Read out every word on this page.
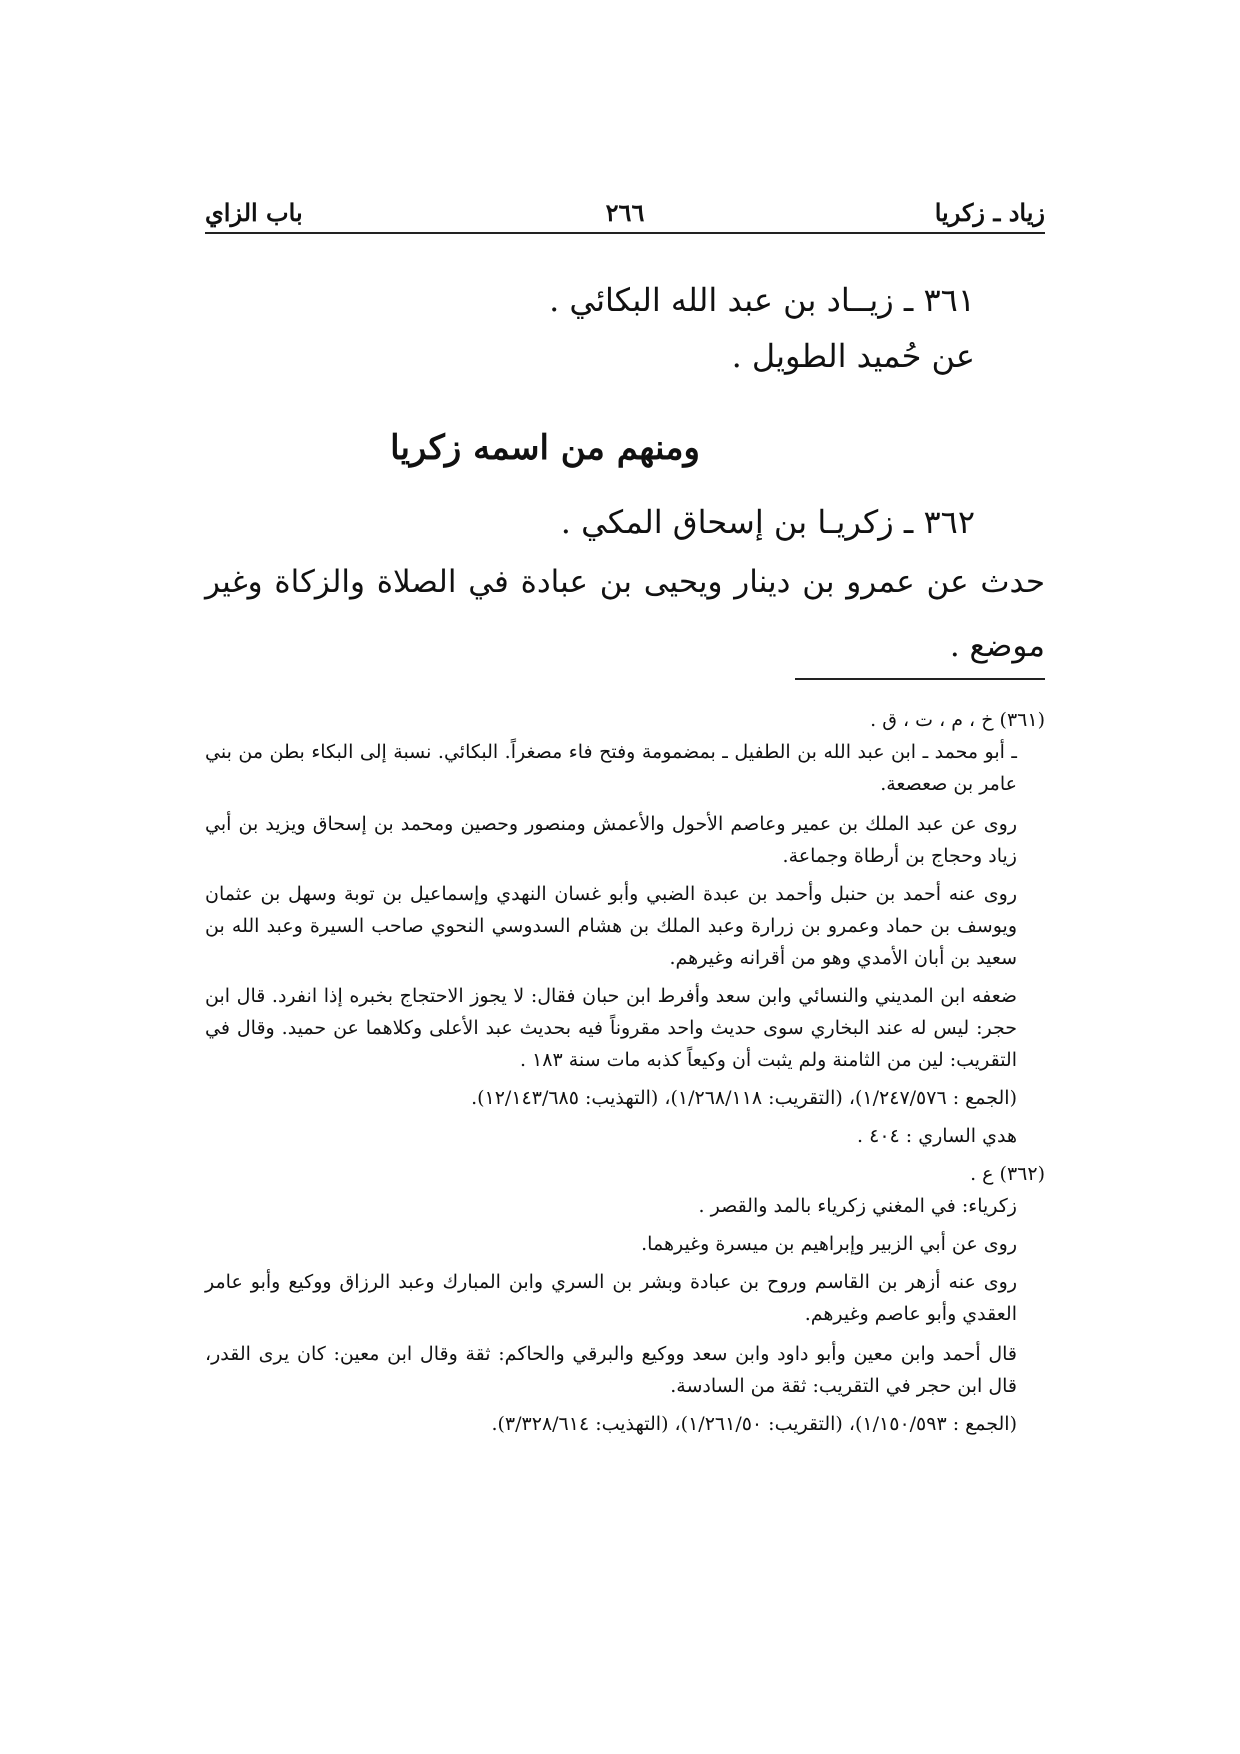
زياد ـ زكريا
٢٦٦
باب الزاي

٣٦١ ـ زيــاد بن عبد الله البكائي .

عن حُميد الطويل .

ومنهم من اسمه زكريا

٣٦٢ ـ زكريـا بن إسحاق المكي .

حدث عن عمرو بن دينار ويحيى بن عبادة في الصلاة والزكاة وغير موضع .

(٣٦١) خ ، م ، ت ، ق .

ـ أبو محمد ـ ابن عبد الله بن الطفيل ـ بمضمومة وفتح فاء مصغراً. البكائي. نسبة إلى البكاء بطن من بني عامر بن صعصعة.

روى عن عبد الملك بن عمير وعاصم الأحول والأعمش ومنصور وحصين ومحمد بن إسحاق ويزيد بن أبي زياد وحجاج بن أرطاة وجماعة.

روى عنه أحمد بن حنبل وأحمد بن عبدة الضبي وأبو غسان النهدي وإسماعيل بن توبة وسهل بن عثمان ويوسف بن حماد وعمرو بن زرارة وعبد الملك بن هشام السدوسي النحوي صاحب السيرة وعبد الله بن سعيد بن أبان الأمدي وهو من أقرانه وغيرهم.

ضعفه ابن المديني والنسائي وابن سعد وأفرط ابن حبان فقال: لا يجوز الاحتجاج بخبره إذا انفرد. قال ابن حجر: ليس له عند البخاري سوى حديث واحد مقروناً فيه بحديث عبد الأعلى وكلاهما عن حميد. وقال في التقريب: لين من الثامنة ولم يثبت أن وكيعاً كذبه مات سنة ١٨٣ .

(الجمع : ١/٢٤٧/٥٧٦)، (التقريب: ١/٢٦٨/١١٨)، (التهذيب: ١٢/١٤٣/٦٨٥).

هدي الساري : ٤٠٤ .

(٣٦٢) ع .

زكرياء: في المغني زكرياء بالمد والقصر .

روى عن أبي الزبير وإبراهيم بن ميسرة وغيرهما.

روى عنه أزهر بن القاسم وروح بن عبادة وبشر بن السري وابن المبارك وعبد الرزاق ووكيع وأبو عامر العقدي وأبو عاصم وغيرهم.

قال أحمد وابن معين وأبو داود وابن سعد ووكيع والبرقي والحاكم: ثقة وقال ابن معين: كان يرى القدر، قال ابن حجر في التقريب: ثقة من السادسة.

(الجمع : ١/١٥٠/٥٩٣)، (التقريب: ١/٢٦١/٥٠)، (التهذيب: ٣/٣٢٨/٦١٤).
